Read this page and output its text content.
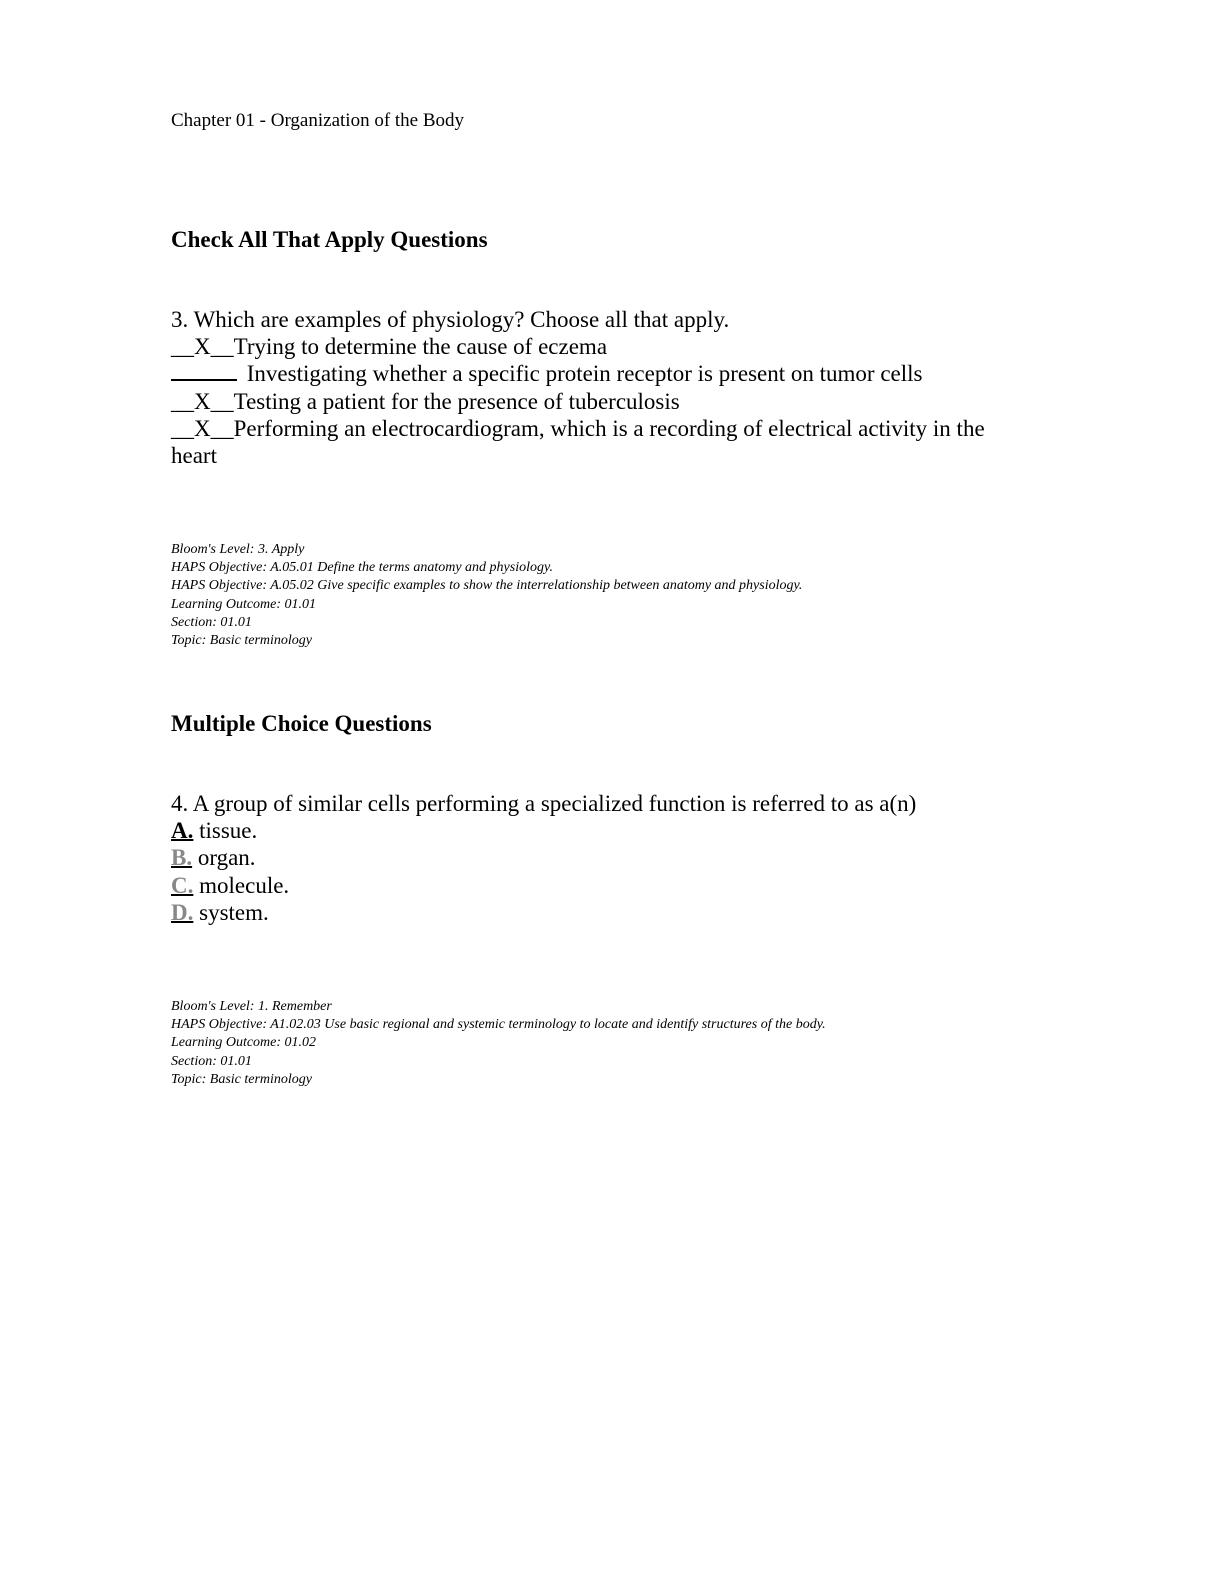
Chapter 01 - Organization of the Body
Check All That Apply Questions
3. Which are examples of physiology? Choose all that apply.
__X__Trying to determine the cause of eczema
Investigating whether a specific protein receptor is present on tumor cells
__X__Testing a patient for the presence of tuberculosis
__X__Performing an electrocardiogram, which is a recording of electrical activity in the heart
Bloom's Level: 3. Apply
HAPS Objective: A.05.01 Define the terms anatomy and physiology.
HAPS Objective: A.05.02 Give specific examples to show the interrelationship between anatomy and physiology.
Learning Outcome: 01.01
Section: 01.01
Topic: Basic terminology
Multiple Choice Questions
4. A group of similar cells performing a specialized function is referred to as a(n)
A. tissue.
B. organ.
C. molecule.
D. system.
Bloom's Level: 1. Remember
HAPS Objective: A1.02.03 Use basic regional and systemic terminology to locate and identify structures of the body.
Learning Outcome: 01.02
Section: 01.01
Topic: Basic terminology
